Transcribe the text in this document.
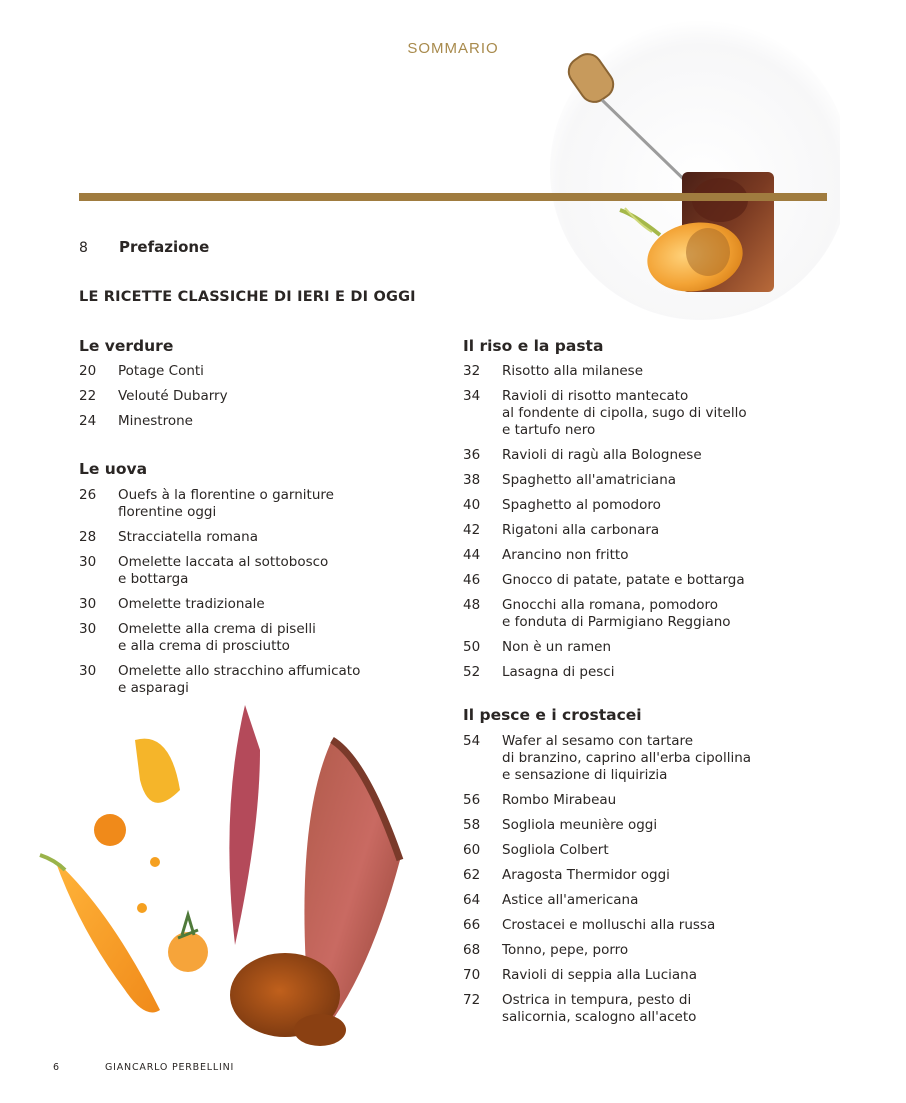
SOMMARIO
8 Prefazione
LE RICETTE CLASSICHE DI IERI E DI OGGI
Le verdure
Le uova
Il riso e la pasta
Il pesce e i crostacei
20	Potage Conti
22	Velouté Dubarry
24	Minestrone
26	Ouefs à la florentine o garniture
florentine oggi
28	Stracciatella romana
30	Omelette laccata al sottobosco
e bottarga
30	Omelette tradizionale
30	Omelette alla crema di piselli
e alla crema di prosciutto
30	Omelette allo stracchino affumicato
e asparagi
32	Risotto alla milanese
34	Ravioli di risotto mantecato
al fondente di cipolla, sugo di vitello
e tartufo nero
36	Ravioli di ragù alla Bolognese
38	Spaghetto all'amatriciana
40	Spaghetto al pomodoro
42	Rigatoni alla carbonara
44	Arancino non fritto
46	Gnocco di patate, patate e bottarga
48	Gnocchi alla romana, pomodoro
e fonduta di Parmigiano Reggiano
50	Non è un ramen
52	Lasagna di pesci
54	Wafer al sesamo con tartare
di branzino, caprino all'erba cipollina
e sensazione di liquirizia
56	Rombo Mirabeau
58	Sogliola meunière oggi
60	Sogliola Colbert
62	Aragosta Thermidor oggi
64	Astice all'americana
66	Crostacei e molluschi alla russa
68	Tonno, pepe, porro
70	Ravioli di seppia alla Luciana
72	Ostrica in tempura, pesto di
salicornia, scalogno all'aceto
6	GIANCARLO PERBELLINI
